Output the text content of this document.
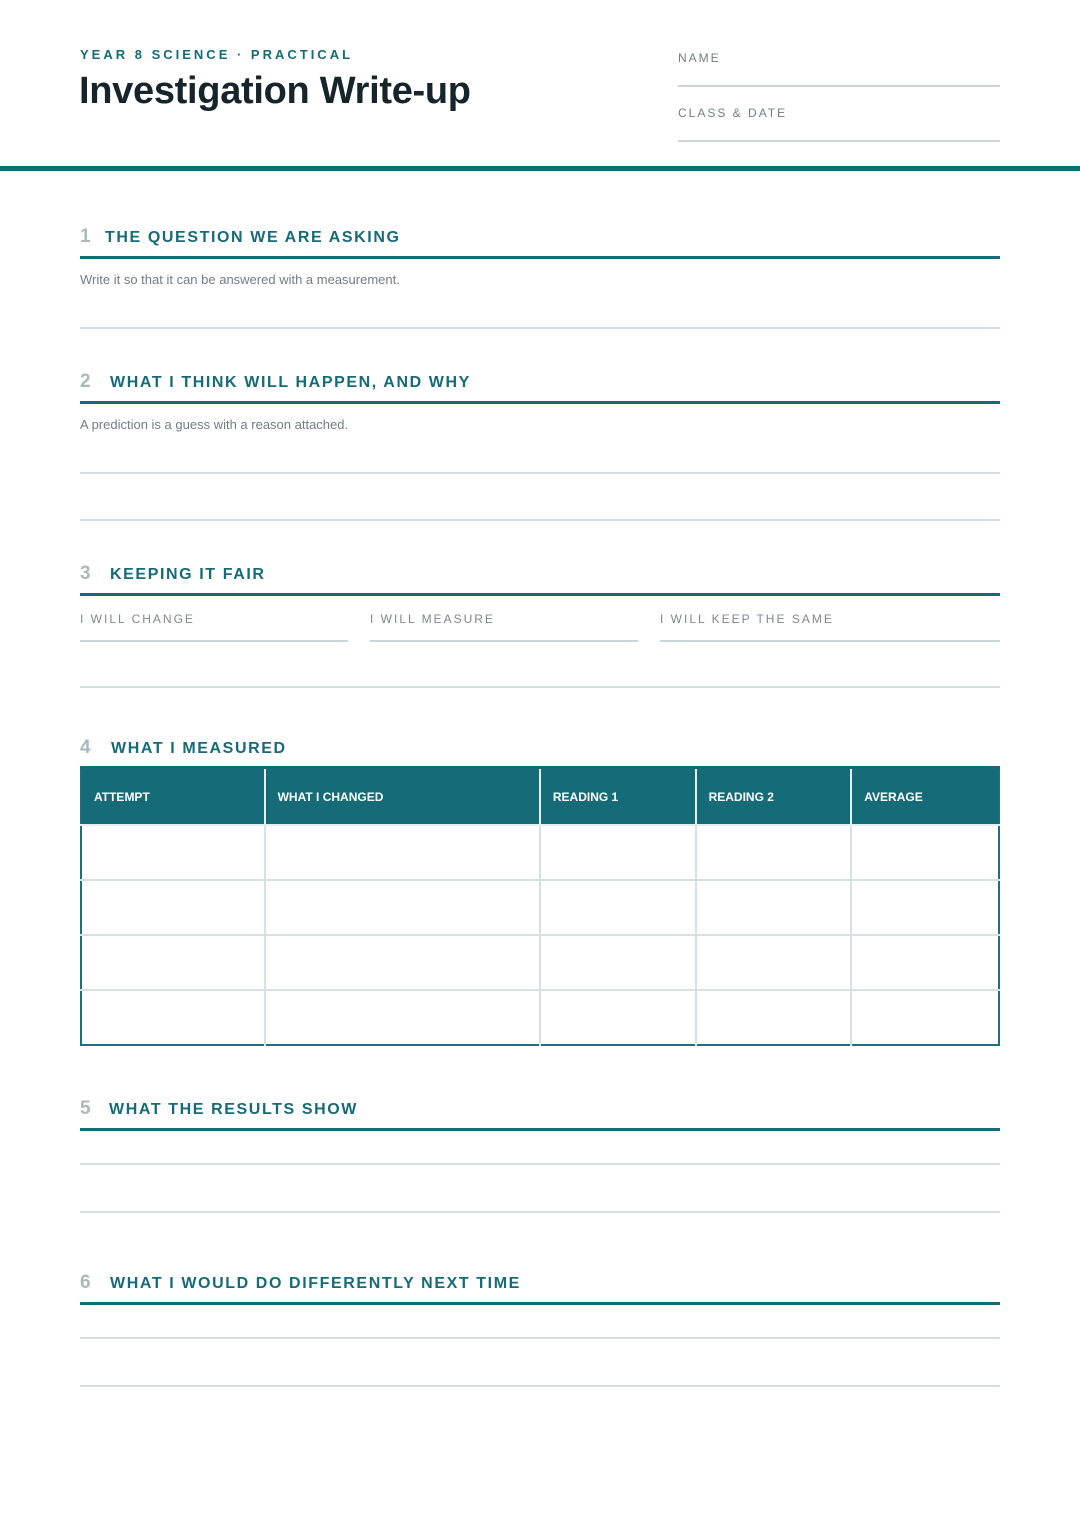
YEAR 8 SCIENCE · PRACTICAL
Investigation Write-up
NAME
CLASS & DATE
1 THE QUESTION WE ARE ASKING
Write it so that it can be answered with a measurement.
2 WHAT I THINK WILL HAPPEN, AND WHY
A prediction is a guess with a reason attached.
3 KEEPING IT FAIR
I WILL CHANGE	I WILL MEASURE	I WILL KEEP THE SAME
4 WHAT I MEASURED
ATTEMPT	WHAT I CHANGED	READING 1	READING 2	AVERAGE

5 WHAT THE RESULTS SHOW
6 WHAT I WOULD DO DIFFERENTLY NEXT TIME
